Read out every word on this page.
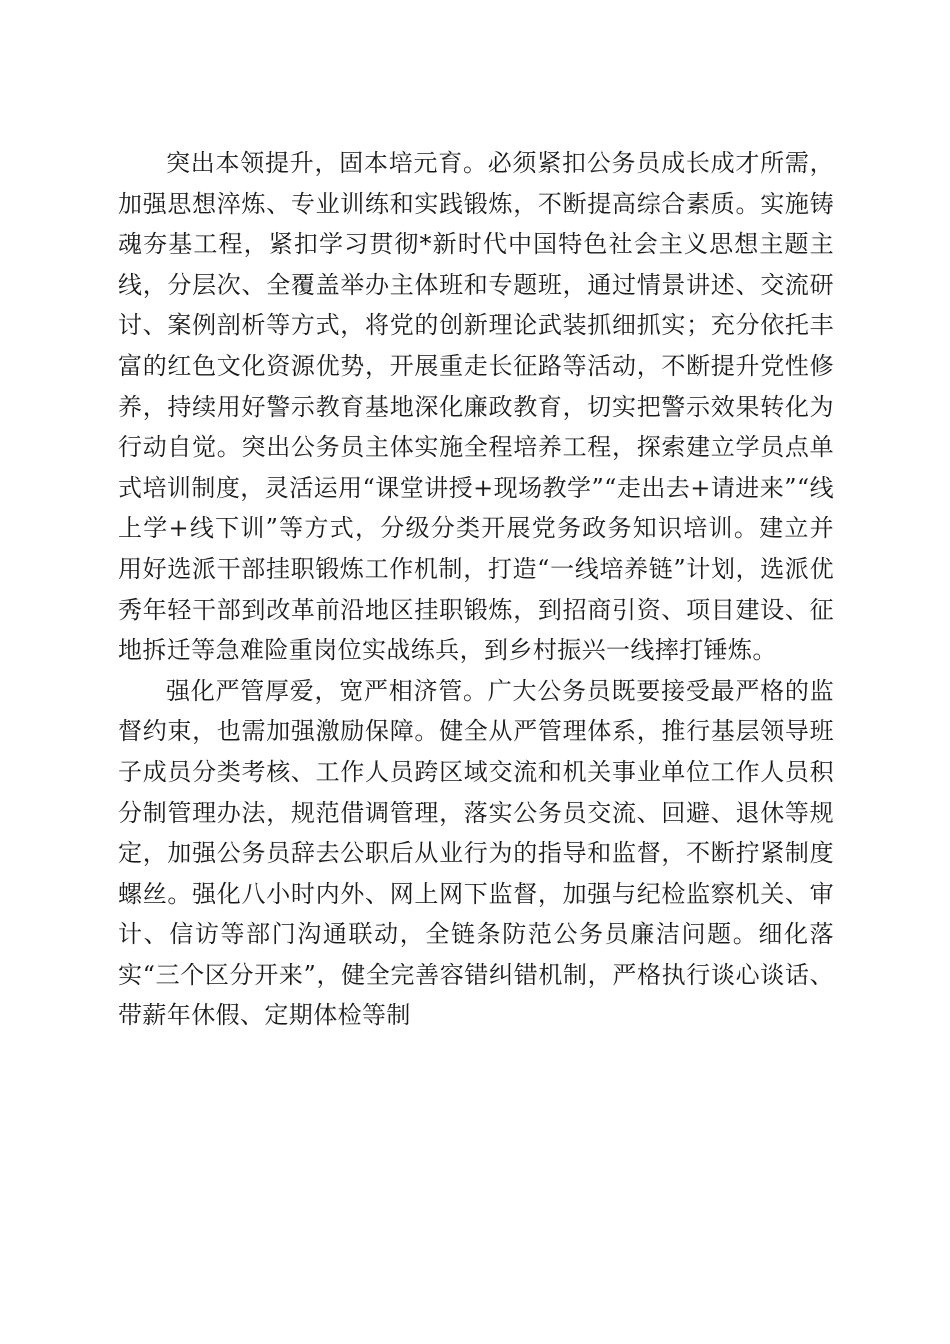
突出本领提升，固本培元育。必须紧扣公务员成长成才所需，加强思想淬炼、专业训练和实践锻炼，不断提高综合素质。实施铸魂夯基工程，紧扣学习贯彻*新时代中国特色社会主义思想主题主线，分层次、全覆盖举办主体班和专题班，通过情景讲述、交流研讨、案例剖析等方式，将党的创新理论武装抓细抓实；充分依托丰富的红色文化资源优势，开展重走长征路等活动，不断提升党性修养，持续用好警示教育基地深化廉政教育，切实把警示效果转化为行动自觉。突出公务员主体实施全程培养工程，探索建立学员点单式培训制度，灵活运用“课堂讲授+现场教学”“走出去+请进来”“线上学+线下训”等方式，分级分类开展党务政务知识培训。建立并用好选派干部挂职锻炼工作机制，打造“一线培养链”计划，选派优秀年轻干部到改革前沿地区挂职锻炼，到招商引资、项目建设、征地拆迁等急难险重岗位实战练兵，到乡村振兴一线摔打锤炼。

强化严管厚爱，宽严相济管。广大公务员既要接受最严格的监督约束，也需加强激励保障。健全从严管理体系，推行基层领导班子成员分类考核、工作人员跨区域交流和机关事业单位工作人员积分制管理办法，规范借调管理，落实公务员交流、回避、退休等规定，加强公务员辞去公职后从业行为的指导和监督，不断拧紧制度螺丝。强化八小时内外、网上网下监督，加强与纪检监察机关、审计、信访等部门沟通联动，全链条防范公务员廉洁问题。细化落实“三个区分开来”，健全完善容错纠错机制，严格执行谈心谈话、带薪年休假、定期体检等制
